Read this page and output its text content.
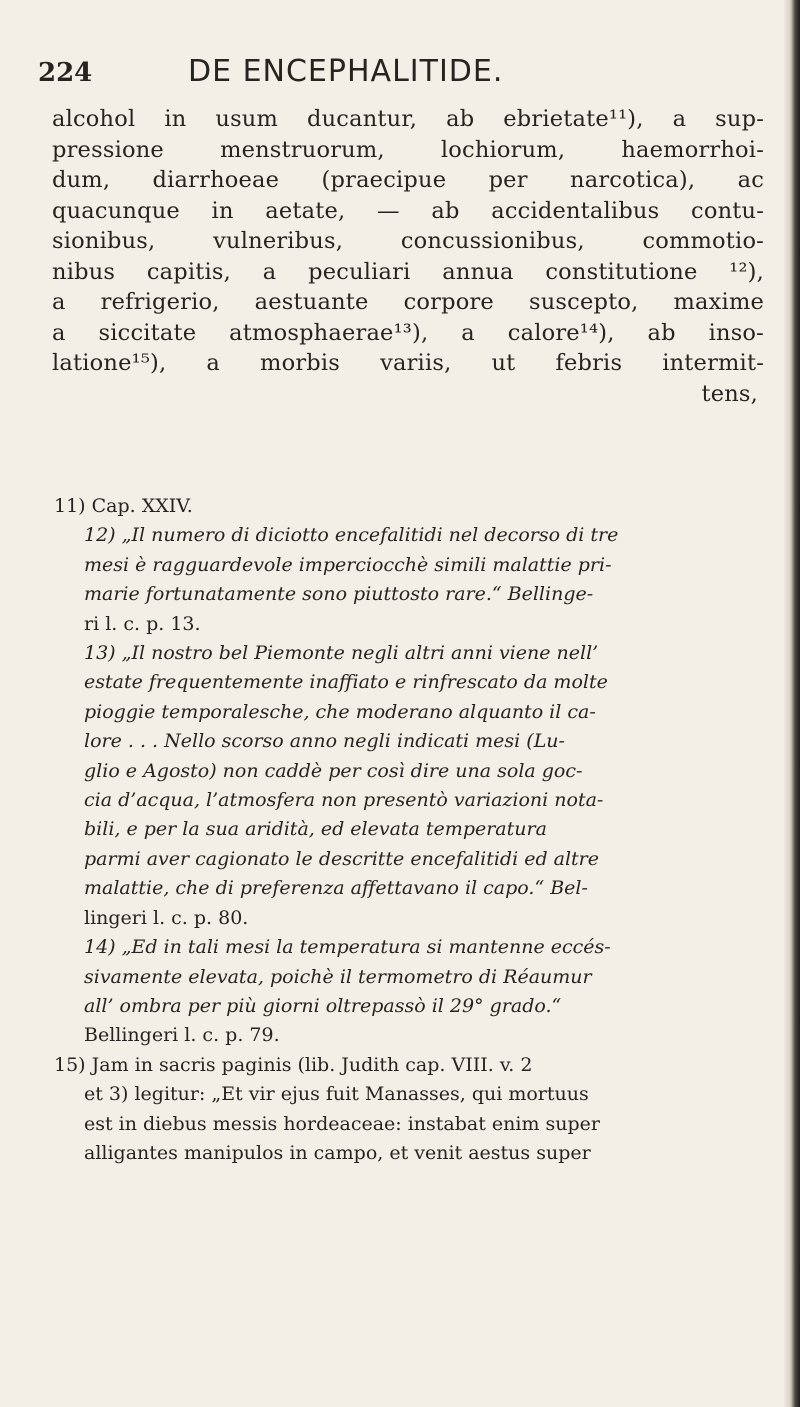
224	DE ENCEPHALITIDE.
alcohol in usum ducantur, ab ebrietate¹¹), a sup-
pressione menstruorum, lochiorum, haemorrhoi-
dum, diarrhoeae (praecipue per narcotica), ac
quacunque in aetate, — ab accidentalibus contu-
sionibus, vulneribus, concussionibus, commotio-
nibus capitis, a peculiari annua constitutione ¹²),
a refrigerio, aestuante corpore suscepto, maxime
a siccitate atmosphaerae¹³), a calore¹⁴), ab inso-
latione¹⁵), a morbis variis, ut febris intermit-
tens,
11) Cap. XXIV.
12) „Il numero di diciotto encefalitidi nel decorso di tre
mesi è ragguardevole imperciocchè simili malattie pri-
marie fortunatamente sono piuttosto rare.“ Bellinge-
ri l. c. p. 13.
13) „Il nostro bel Piemonte negli altri anni viene nell’
estate frequentemente inaffiato e rinfrescato da molte
pioggie temporalesche, che moderano alquanto il ca-
lore . . . Nello scorso anno negli indicati mesi (Lu-
glio e Agosto) non caddè per così dire una sola goc-
cia d’acqua, l’atmosfera non presentò variazioni nota-
bili, e per la sua aridità, ed elevata temperatura
parmi aver cagionato le descritte encefalitidi ed altre
malattie, che di preferenza affettavano il capo.“ Bel-
lingeri l. c. p. 80.
14) „Ed in tali mesi la temperatura si mantenne eccés-
sivamente elevata, poichè il termometro di Réaumur
all’ ombra per più giorni oltrepassò il 29° grado.“
Bellingeri l. c. p. 79.
15) Jam in sacris paginis (lib. Judith cap. VIII. v. 2
et 3) legitur: „Et vir ejus fuit Manasses, qui mortuus
est in diebus messis hordeaceae: instabat enim super
alligantes manipulos in campo, et venit aestus super
